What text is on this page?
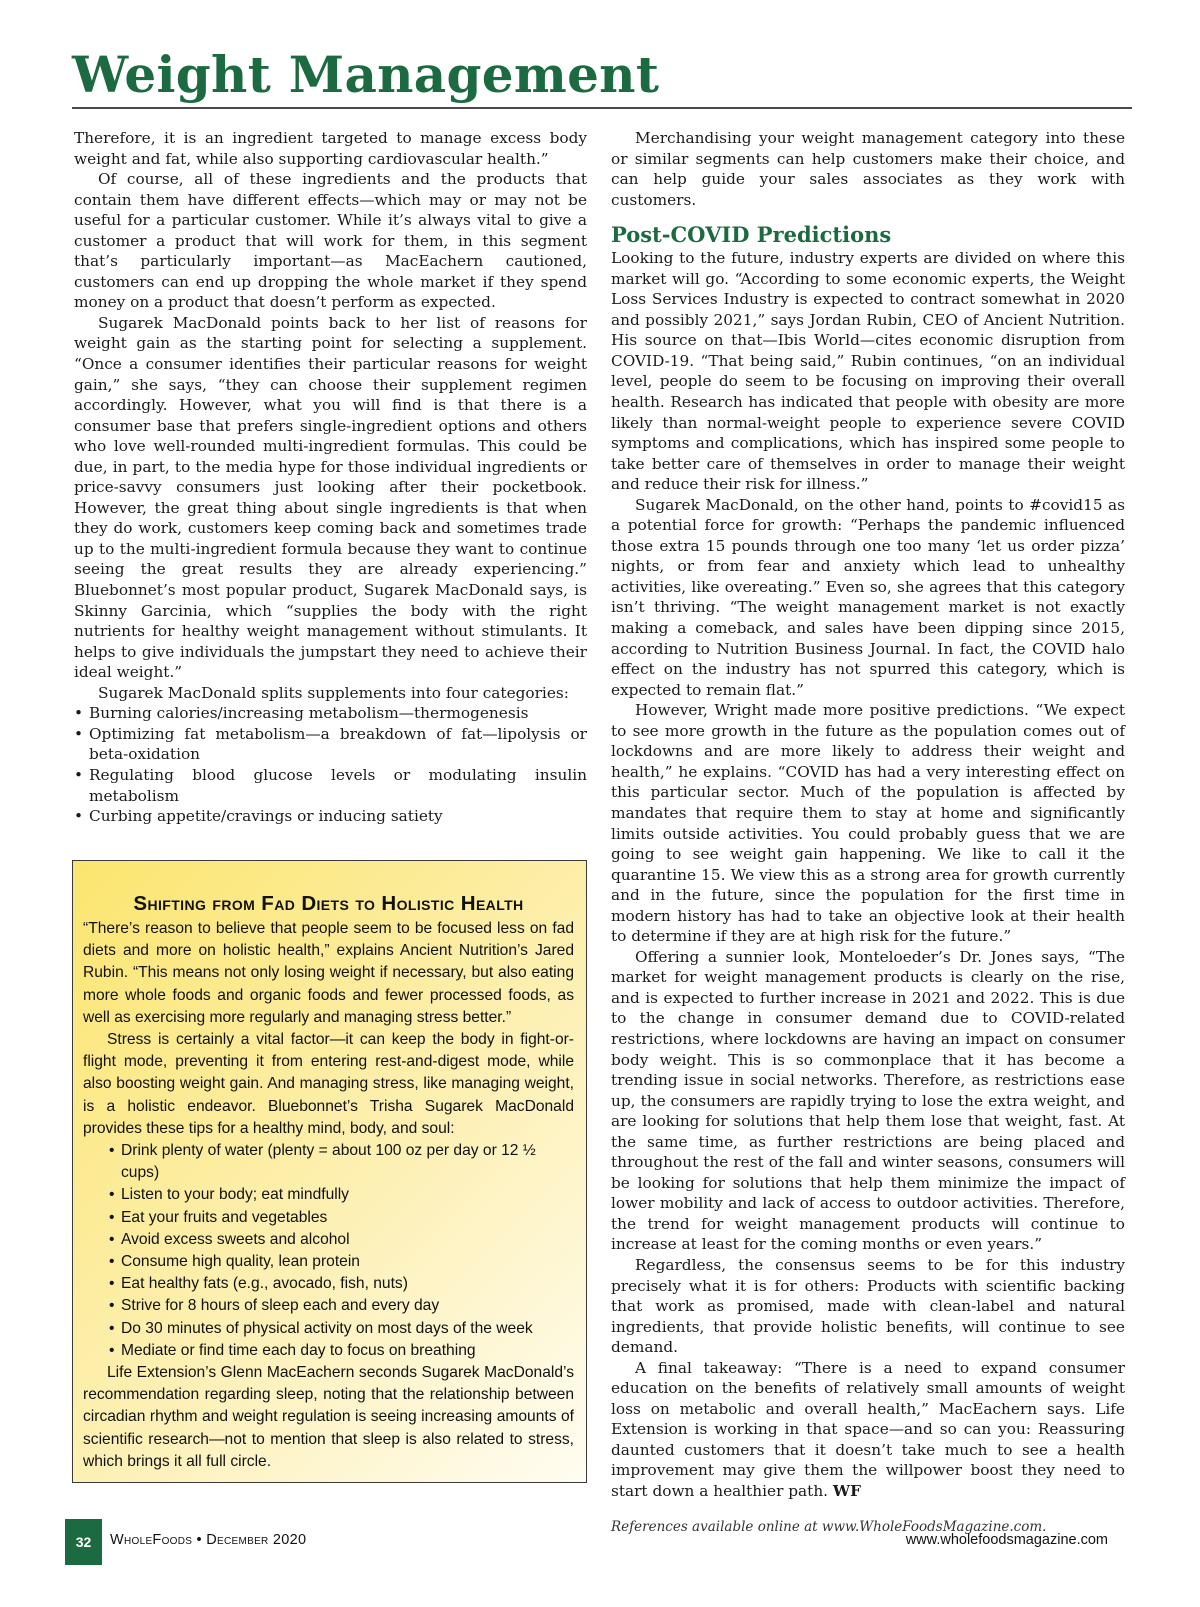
Weight Management

Therefore, it is an ingredient targeted to manage excess body weight and fat, while also supporting cardiovascular health.”

Of course, all of these ingredients and the products that contain them have different effects—which may or may not be useful for a particular customer. While it’s always vital to give a customer a product that will work for them, in this segment that’s particularly important—as MacEachern cautioned, customers can end up dropping the whole market if they spend money on a product that doesn’t perform as expected.

Sugarek MacDonald points back to her list of reasons for weight gain as the starting point for selecting a supplement. “Once a consumer identifies their particular reasons for weight gain,” she says, “they can choose their supplement regimen accordingly. However, what you will find is that there is a consumer base that prefers single-ingredient options and others who love well-rounded multi-ingredient formulas. This could be due, in part, to the media hype for those individual ingredients or price-savvy consumers just looking after their pocketbook. However, the great thing about single ingredients is that when they do work, customers keep coming back and sometimes trade up to the multi-ingredient formula because they want to continue seeing the great results they are already experiencing.” Bluebonnet’s most popular product, Sugarek MacDonald says, is Skinny Garcinia, which “supplies the body with the right nutrients for healthy weight management without stimulants. It helps to give individuals the jumpstart they need to achieve their ideal weight.”

Sugarek MacDonald splits supplements into four categories:

• Burning calories/increasing metabolism—thermogenesis
• Optimizing fat metabolism—a breakdown of fat—lipolysis or beta-oxidation
• Regulating blood glucose levels or modulating insulin metabolism
• Curbing appetite/cravings or inducing satiety
Shifting from Fad Diets to Holistic Health

“There’s reason to believe that people seem to be focused less on fad diets and more on holistic health,” explains Ancient Nutrition’s Jared Rubin. “This means not only losing weight if necessary, but also eating more whole foods and organic foods and fewer processed foods, as well as exercising more regularly and managing stress better.”

Stress is certainly a vital factor—it can keep the body in fight-or-flight mode, preventing it from entering rest-and-digest mode, while also boosting weight gain. And managing stress, like managing weight, is a holistic endeavor. Bluebonnet’s Trisha Sugarek MacDonald provides these tips for a healthy mind, body, and soul:

• Drink plenty of water (plenty = about 100 oz per day or 12 ½ cups)
• Listen to your body; eat mindfully
• Eat your fruits and vegetables
• Avoid excess sweets and alcohol
• Consume high quality, lean protein
• Eat healthy fats (e.g., avocado, fish, nuts)
• Strive for 8 hours of sleep each and every day
• Do 30 minutes of physical activity on most days of the week
• Mediate or find time each day to focus on breathing

Life Extension’s Glenn MacEachern seconds Sugarek MacDonald’s recommendation regarding sleep, noting that the relationship between circadian rhythm and weight regulation is seeing increasing amounts of scientific research—not to mention that sleep is also related to stress, which brings it all full circle.

Merchandising your weight management category into these or similar segments can help customers make their choice, and can help guide your sales associates as they work with customers.

Post-COVID Predictions

Looking to the future, industry experts are divided on where this market will go. “According to some economic experts, the Weight Loss Services Industry is expected to contract somewhat in 2020 and possibly 2021,” says Jordan Rubin, CEO of Ancient Nutrition. His source on that—Ibis World—cites economic disruption from COVID-19. “That being said,” Rubin continues, “on an individual level, people do seem to be focusing on improving their overall health. Research has indicated that people with obesity are more likely than normal-weight people to experience severe COVID symptoms and complications, which has inspired some people to take better care of themselves in order to manage their weight and reduce their risk for illness.”

Sugarek MacDonald, on the other hand, points to #covid15 as a potential force for growth: “Perhaps the pandemic influenced those extra 15 pounds through one too many ‘let us order pizza’ nights, or from fear and anxiety which lead to unhealthy activities, like overeating.” Even so, she agrees that this category isn’t thriving. “The weight management market is not exactly making a comeback, and sales have been dipping since 2015, according to Nutrition Business Journal. In fact, the COVID halo effect on the industry has not spurred this category, which is expected to remain flat.”

However, Wright made more positive predictions. “We expect to see more growth in the future as the population comes out of lockdowns and are more likely to address their weight and health,” he explains. “COVID has had a very interesting effect on this particular sector. Much of the population is affected by mandates that require them to stay at home and significantly limits outside activities. You could probably guess that we are going to see weight gain happening. We like to call it the quarantine 15. We view this as a strong area for growth currently and in the future, since the population for the first time in modern history has had to take an objective look at their health to determine if they are at high risk for the future.”

Offering a sunnier look, Monteloeder’s Dr. Jones says, “The market for weight management products is clearly on the rise, and is expected to further increase in 2021 and 2022. This is due to the change in consumer demand due to COVID-related restrictions, where lockdowns are having an impact on consumer body weight. This is so commonplace that it has become a trending issue in social networks. Therefore, as restrictions ease up, the consumers are rapidly trying to lose the extra weight, and are looking for solutions that help them lose that weight, fast. At the same time, as further restrictions are being placed and throughout the rest of the fall and winter seasons, consumers will be looking for solutions that help them minimize the impact of lower mobility and lack of access to outdoor activities. Therefore, the trend for weight management products will continue to increase at least for the coming months or even years.”

Regardless, the consensus seems to be for this industry precisely what it is for others: Products with scientific backing that work as promised, made with clean-label and natural ingredients, that provide holistic benefits, will continue to see demand.

A final takeaway: “There is a need to expand consumer education on the benefits of relatively small amounts of weight loss on metabolic and overall health,” MacEachern says. Life Extension is working in that space—and so can you: Reassuring daunted customers that it doesn’t take much to see a health improvement may give them the willpower boost they need to start down a healthier path. WF

References available online at www.WholeFoodsMagazine.com.

32	WholeFoods • December 2020	www.wholefoodsmagazine.com
